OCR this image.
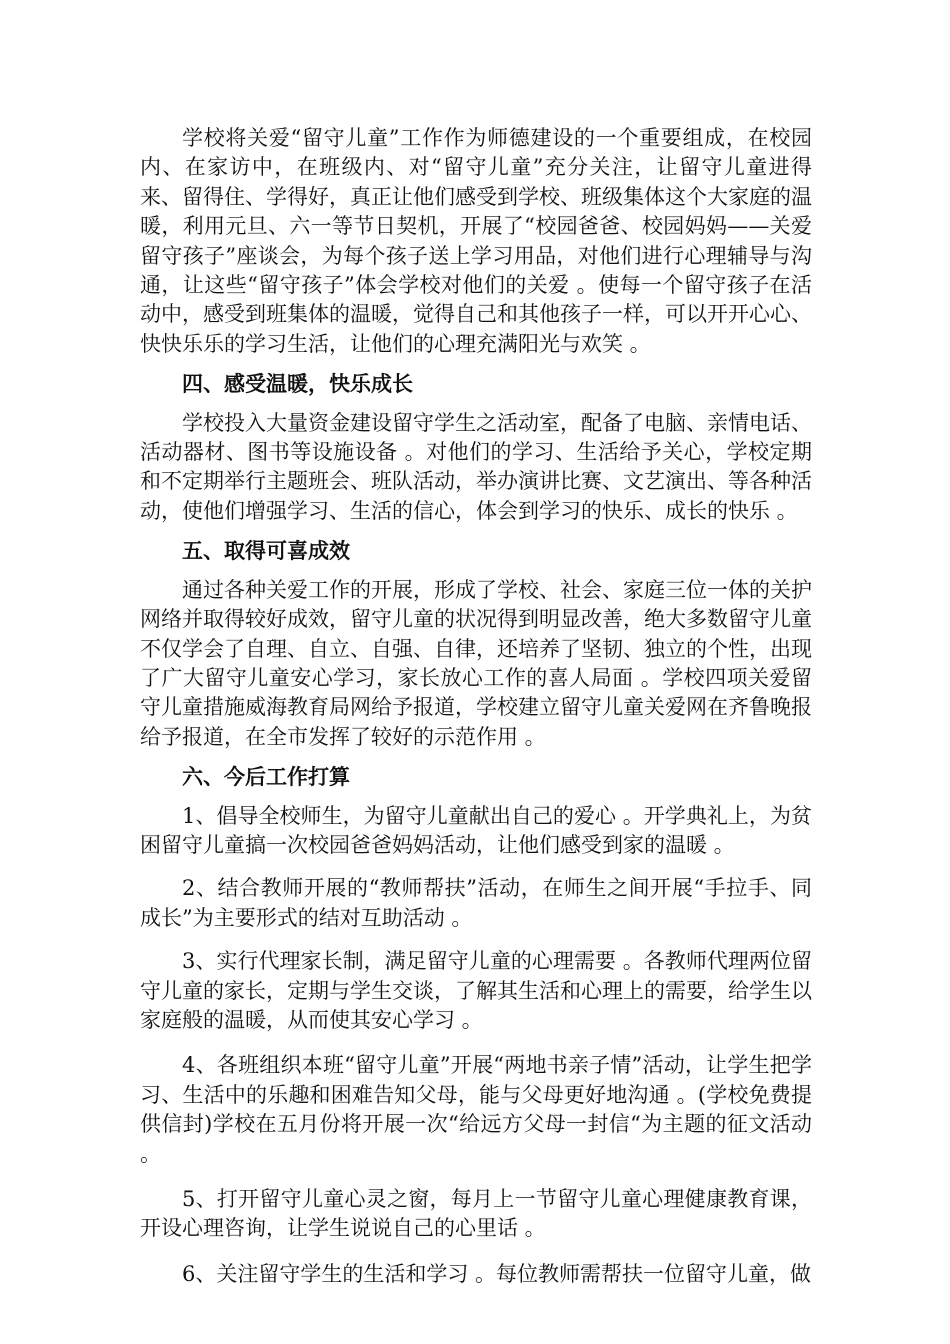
学校将关爱“留守儿童”工作作为师德建设的一个重要组成，在校园内、在家访中，在班级内、对“留守儿童”充分关注，让留守儿童进得来、留得住、学得好，真正让他们感受到学校、班级集体这个大家庭的温暖，利用元旦、六一等节日契机，开展了“校园爸爸、校园妈妈——关爱留守孩子”座谈会，为每个孩子送上学习用品，对他们进行心理辅导与沟通，让这些“留守孩子”体会学校对他们的关爱 。使每一个留守孩子在活动中，感受到班集体的温暖，觉得自己和其他孩子一样，可以开开心心、快快乐乐的学习生活，让他们的心理充满阳光与欢笑 。

四、感受温暖，快乐成长

学校投入大量资金建设留守学生之活动室，配备了电脑、亲情电话、活动器材、图书等设施设备 。对他们的学习、生活给予关心，学校定期和不定期举行主题班会、班队活动，举办演讲比赛、文艺演出、等各种活动，使他们增强学习、生活的信心，体会到学习的快乐、成长的快乐 。

五、取得可喜成效

通过各种关爱工作的开展，形成了学校、社会、家庭三位一体的关护网络并取得较好成效，留守儿童的状况得到明显改善，绝大多数留守儿童不仅学会了自理、自立、自强、自律，还培养了坚韧、独立的个性，出现了广大留守儿童安心学习，家长放心工作的喜人局面 。学校四项关爱留守儿童措施威海教育局网给予报道，学校建立留守儿童关爱网在齐鲁晚报给予报道，在全市发挥了较好的示范作用 。

六、今后工作打算

1、倡导全校师生，为留守儿童献出自己的爱心 。开学典礼上，为贫困留守儿童搞一次校园爸爸妈妈活动，让他们感受到家的温暖 。

2、结合教师开展的“教师帮扶”活动，在师生之间开展“手拉手、同成长”为主要形式的结对互助活动 。

3、实行代理家长制，满足留守儿童的心理需要 。各教师代理两位留守儿童的家长，定期与学生交谈，了解其生活和心理上的需要，给学生以家庭般的温暖，从而使其安心学习 。

4、各班组织本班“留守儿童”开展“两地书亲子情”活动，让学生把学习、生活中的乐趣和困难告知父母，能与父母更好地沟通 。(学校免费提供信封)学校在五月份将开展一次“给远方父母一封信“为主题的征文活动 。

5、打开留守儿童心灵之窗，每月上一节留守儿童心理健康教育课，开设心理咨询，让学生说说自己的心里话 。

6、关注留守学生的生活和学习 。每位教师需帮扶一位留守儿童，做
